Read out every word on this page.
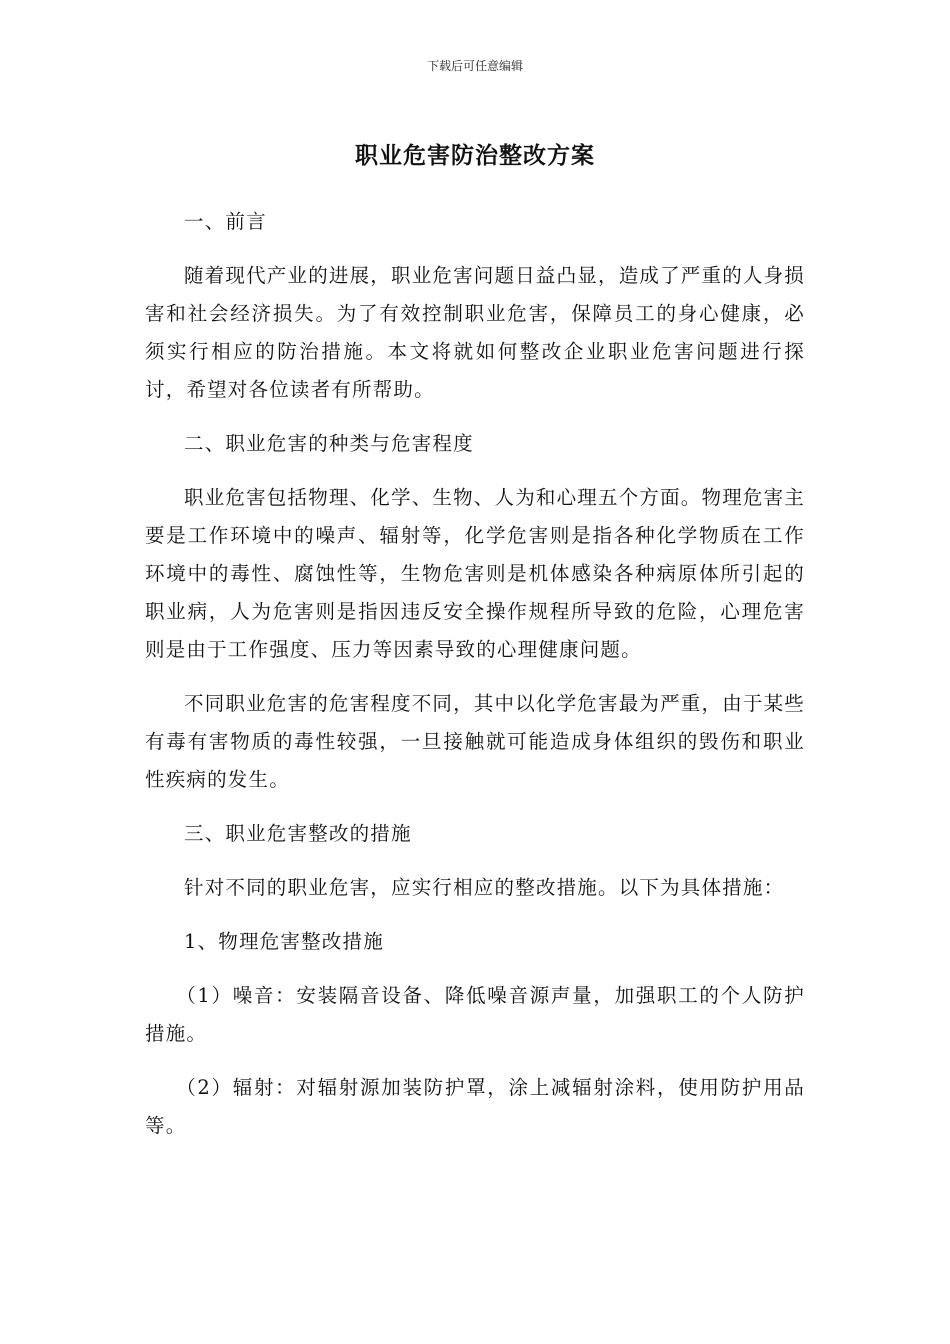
下载后可任意编辑
职业危害防治整改方案

一、前言

随着现代产业的进展，职业危害问题日益凸显，造成了严重的人身损害和社会经济损失。为了有效控制职业危害，保障员工的身心健康，必须实行相应的防治措施。本文将就如何整改企业职业危害问题进行探讨，希望对各位读者有所帮助。

二、职业危害的种类与危害程度

职业危害包括物理、化学、生物、人为和心理五个方面。物理危害主要是工作环境中的噪声、辐射等，化学危害则是指各种化学物质在工作环境中的毒性、腐蚀性等，生物危害则是机体感染各种病原体所引起的职业病，人为危害则是指因违反安全操作规程所导致的危险，心理危害则是由于工作强度、压力等因素导致的心理健康问题。

不同职业危害的危害程度不同，其中以化学危害最为严重，由于某些有毒有害物质的毒性较强，一旦接触就可能造成身体组织的毁伤和职业性疾病的发生。

三、职业危害整改的措施

针对不同的职业危害，应实行相应的整改措施。以下为具体措施：

1、物理危害整改措施

（1）噪音：安装隔音设备、降低噪音源声量，加强职工的个人防护措施。

（2）辐射：对辐射源加装防护罩，涂上减辐射涂料，使用防护用品等。
